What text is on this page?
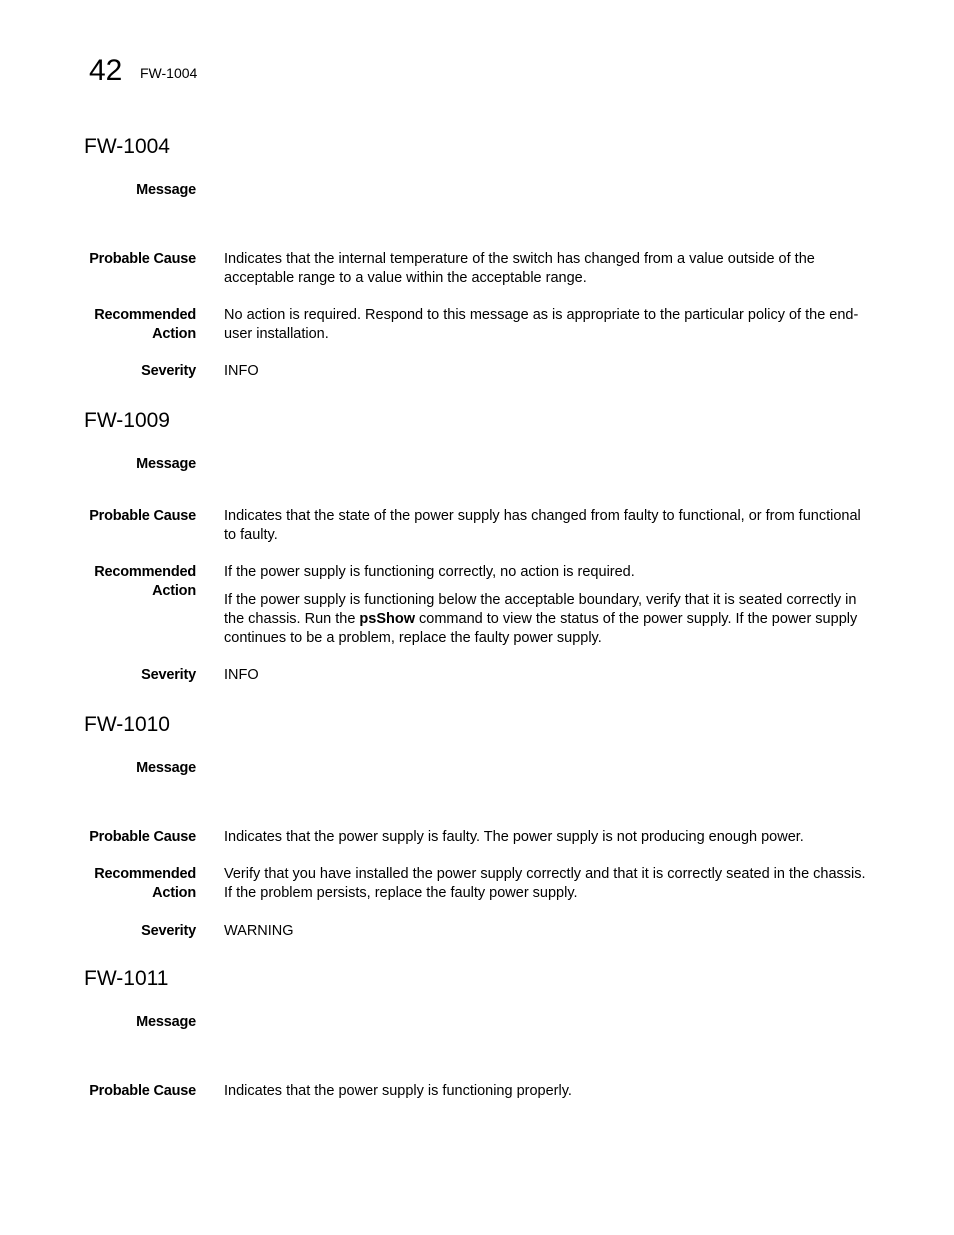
42 FW-1004
FW-1004
Message
Probable Cause Indicates that the internal temperature of the switch has changed from a value outside of the acceptable range to a value within the acceptable range.
Recommended
Action
No action is required. Respond to this message as is appropriate to the particular policy of the end-user installation.
Severity INFO
FW-1009
Message
Probable Cause Indicates that the state of the power supply has changed from faulty to functional, or from functional to faulty.
Recommended
Action

If the power supply is functioning correctly, no action is required.

If the power supply is functioning below the acceptable boundary, verify that it is seated correctly in the chassis. Run the psShow command to view the status of the power supply. If the power supply continues to be a problem, replace the faulty power supply.

Severity INFO
FW-1010
Message
Probable Cause Indicates that the power supply is faulty. The power supply is not producing enough power.
Recommended
Action
Verify that you have installed the power supply correctly and that it is correctly seated in the chassis. If the problem persists, replace the faulty power supply.
Severity WARNING
FW-1011
Message
Probable Cause Indicates that the power supply is functioning properly.
